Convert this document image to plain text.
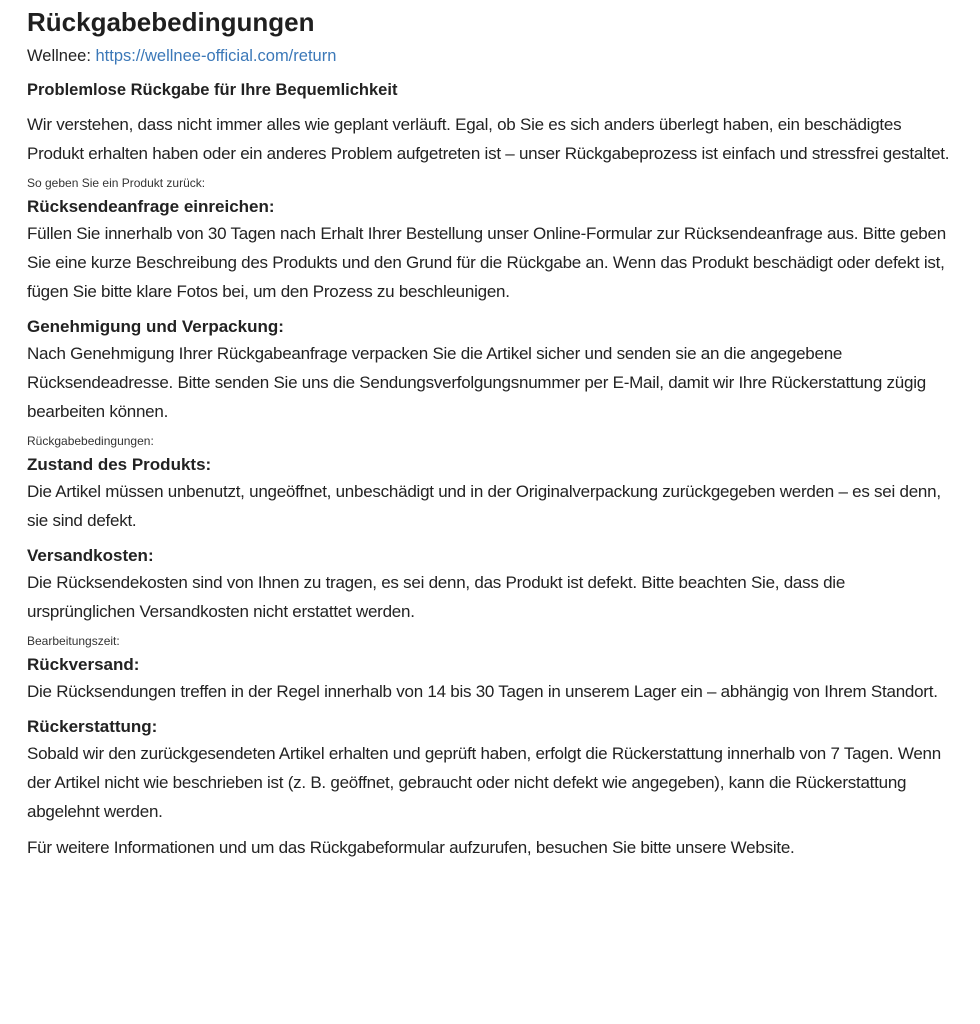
Rückgabebedingungen
Wellnee: https://wellnee-official.com/return
Problemlose Rückgabe für Ihre Bequemlichkeit

Wir verstehen, dass nicht immer alles wie geplant verläuft. Egal, ob Sie es sich anders überlegt haben, ein beschädigtes Produkt erhalten haben oder ein anderes Problem aufgetreten ist – unser Rückgabeprozess ist einfach und stressfrei gestaltet.

So geben Sie ein Produkt zurück:
Rücksendeanfrage einreichen:

Füllen Sie innerhalb von 30 Tagen nach Erhalt Ihrer Bestellung unser Online-Formular zur Rücksendeanfrage aus. Bitte geben Sie eine kurze Beschreibung des Produkts und den Grund für die Rückgabe an. Wenn das Produkt beschädigt oder defekt ist, fügen Sie bitte klare Fotos bei, um den Prozess zu beschleunigen.

Genehmigung und Verpackung:

Nach Genehmigung Ihrer Rückgabeanfrage verpacken Sie die Artikel sicher und senden sie an die angegebene Rücksendeadresse. Bitte senden Sie uns die Sendungsverfolgungsnummer per E-Mail, damit wir Ihre Rückerstattung zügig bearbeiten können.

Rückgabebedingungen:
Zustand des Produkts:

Die Artikel müssen unbenutzt, ungeöffnet, unbeschädigt und in der Originalverpackung zurückgegeben werden – es sei denn, sie sind defekt.

Versandkosten:

Die Rücksendekosten sind von Ihnen zu tragen, es sei denn, das Produkt ist defekt. Bitte beachten Sie, dass die ursprünglichen Versandkosten nicht erstattet werden.

Bearbeitungszeit:
Rückversand:

Die Rücksendungen treffen in der Regel innerhalb von 14 bis 30 Tagen in unserem Lager ein – abhängig von Ihrem Standort.

Rückerstattung:

Sobald wir den zurückgesendeten Artikel erhalten und geprüft haben, erfolgt die Rückerstattung innerhalb von 7 Tagen. Wenn der Artikel nicht wie beschrieben ist (z. B. geöffnet, gebraucht oder nicht defekt wie angegeben), kann die Rückerstattung abgelehnt werden.

Für weitere Informationen und um das Rückgabeformular aufzurufen, besuchen Sie bitte unsere Website.
